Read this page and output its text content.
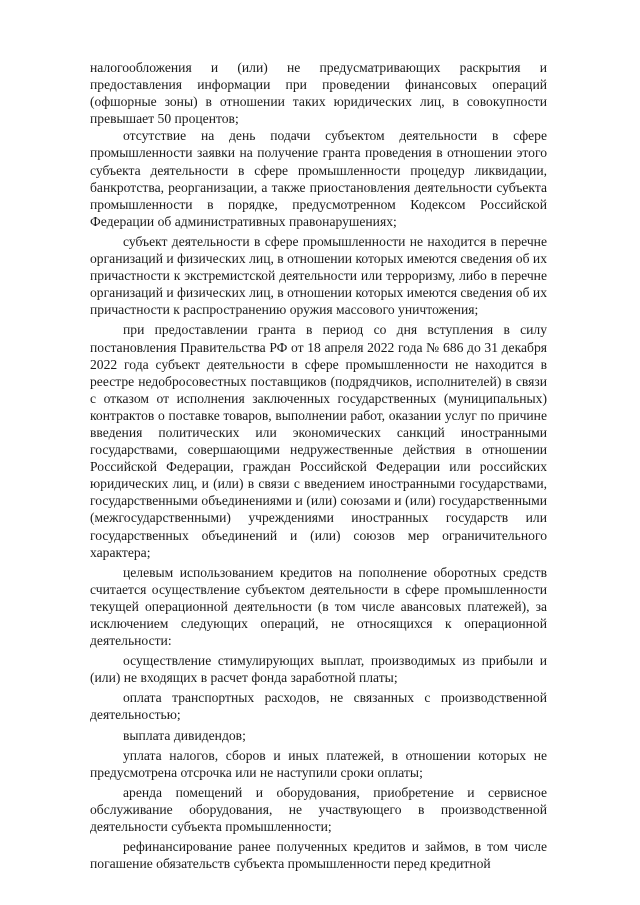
налогообложения и (или) не предусматривающих раскрытия и предоставления информации при проведении финансовых операций (офшорные зоны) в отношении таких юридических лиц, в совокупности превышает 50 процентов;

отсутствие на день подачи субъектом деятельности в сфере промышленности заявки на получение гранта проведения в отношении этого субъекта деятельности в сфере промышленности процедур ликвидации, банкротства, реорганизации, а также приостановления деятельности субъекта промышленности в порядке, предусмотренном Кодексом Российской Федерации об административных правонарушениях;

субъект деятельности в сфере промышленности не находится в перечне организаций и физических лиц, в отношении которых имеются сведения об их причастности к экстремистской деятельности или терроризму, либо в перечне организаций и физических лиц, в отношении которых имеются сведения об их причастности к распространению оружия массового уничтожения;

при предоставлении гранта в период со дня вступления в силу постановления Правительства РФ от 18 апреля 2022 года № 686 до 31 декабря 2022 года субъект деятельности в сфере промышленности не находится в реестре недобросовестных поставщиков (подрядчиков, исполнителей) в связи с отказом от исполнения заключенных государственных (муниципальных) контрактов о поставке товаров, выполнении работ, оказании услуг по причине введения политических или экономических санкций иностранными государствами, совершающими недружественные действия в отношении Российской Федерации, граждан Российской Федерации или российских юридических лиц, и (или) в связи с введением иностранными государствами, государственными объединениями и (или) союзами и (или) государственными (межгосударственными) учреждениями иностранных государств или государственных объединений и (или) союзов мер ограничительного характера;

целевым использованием кредитов на пополнение оборотных средств считается осуществление субъектом деятельности в сфере промышленности текущей операционной деятельности (в том числе авансовых платежей), за исключением следующих операций, не относящихся к операционной деятельности:

осуществление стимулирующих выплат, производимых из прибыли и (или) не входящих в расчет фонда заработной платы;

оплата транспортных расходов, не связанных с производственной деятельностью;

выплата дивидендов;

уплата налогов, сборов и иных платежей, в отношении которых не предусмотрена отсрочка или не наступили сроки оплаты;

аренда помещений и оборудования, приобретение и сервисное обслуживание оборудования, не участвующего в производственной деятельности субъекта промышленности;

рефинансирование ранее полученных кредитов и займов, в том числе погашение обязательств субъекта промышленности перед кредитной
